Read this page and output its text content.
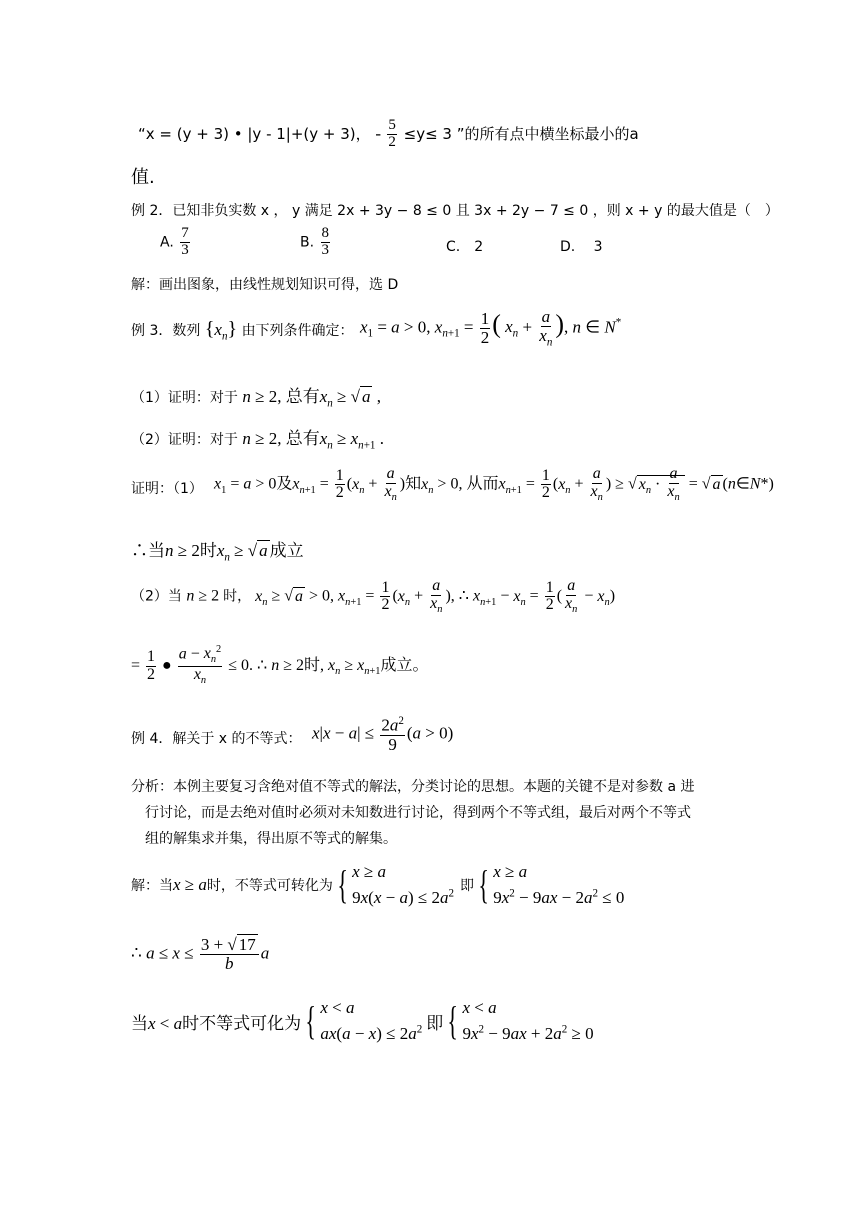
“x = (y + 3) • |y - 1|+(y + 3)， - $\frac{5}{2} \le y\le 3$ ”的所有点中横坐标最小的a
值.
例 2．已知非负实数 x ， y 满足 2x + 3y − 8 ≤ 0 且 3x + 2y − 7 ≤ 0 ，则 x + y 的最大值是（　）
A. $\frac{7}{3}$	B. $\frac{8}{3}$	C.　2	D.　 3
解：画出图象，由线性规划知识可得，选 D
例 3．数列 $\{x_n\}$ 由下列条件确定： $x_1 = a > 0$, $x_{n+1} = \frac{1}{2}$ ( $x_n + \frac{a}{x_n}$ ), n ∈ N*
（1）证明：对于 n ≥ 2, 总有$x_n$ ≥ √ a ,
（2）证明：对于 n ≥ 2, 总有$x_n \ge x_{n+1}$ .
证明：（1） $x_1 = a > 0$及$x_{n+1} = \frac{1}{2} (x_n + \frac{a}{x_n}$ )知$x_n > 0$, 从而$x_{n+1} = \frac{1}{2} (x_n + \frac{a}{x_n}$ ) ≥ √ $x_n \cdot \frac{a}{x_n}$ = √ a (n∈N*)
∴当n ≥ 2时$x_n$ ≥ √ a 成立
（2）当 n ≥ 2 时， $x_n$ ≥ √ a > 0, $x_{n+1} = \frac{1}{2} (x_n + \frac{a}{x_n}$ ), ∴ $x_{n+1} - x_n = \frac{1}{2}$ ( $\frac{a}{x_n} - x_n$)
= $\frac{1}{2}$ ● $\frac{a - x_n^2}{x_n} \le 0$. ∴ n ≥ 2时, $x_n \ge x_{n+1}$成立。
例 4．解关于 x 的不等式： $x|x - a| \le \frac{2a^2}{9} (a > 0)$
分析：本例主要复习含绝对值不等式的解法，分类讨论的思想。本题的关键不是对参数 a 进
行讨论，而是去绝对值时必须对未知数进行讨论，得到两个不等式组，最后对两个不等式
组的解集求并集，得出原不等式的解集。
解：当 x ≥ a 时，不等式可转化为 { x ≥ a
$9x(x - a) \le 2a^2$ 即 { x ≥ a
$9x^2 - 9ax - 2a^2 \le 0$
∴ $a \le x \le \frac{3 + √ 17}{b}$ a
当x < a时不等式可化为 { x < a
$ax(a - x) \le 2a^2$ 即 { x < a
$9x^2 - 9ax + 2a^2 \ge 0$
